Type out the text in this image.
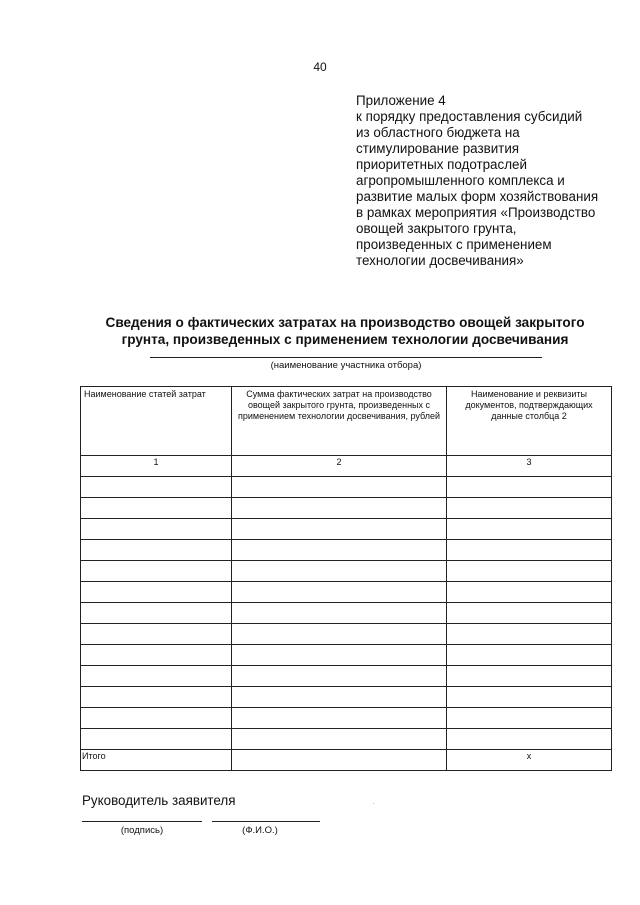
40
Приложение 4
к порядку предоставления субсидий
из областного бюджета на
стимулирование развития
приоритетных подотраслей
агропромышленного комплекса и
развитие малых форм хозяйствования
в рамках мероприятия «Производство
овощей закрытого грунта,
произведенных с применением
технологии досвечивания»
Сведения о фактических затратах на производство овощей закрытого
грунта, произведенных с применением технологии досвечивания
(наименование участника отбора)
Наименование статей затрат	Сумма фактических затрат на производство овощей закрытого грунта, произведенных с применением технологии досвечивания, рублей	Наименование и реквизиты документов, подтверждающих данные столбца 2
1	2	3

Итого		х
Руководитель заявителя
(подпись)	(Ф.И.О.)
